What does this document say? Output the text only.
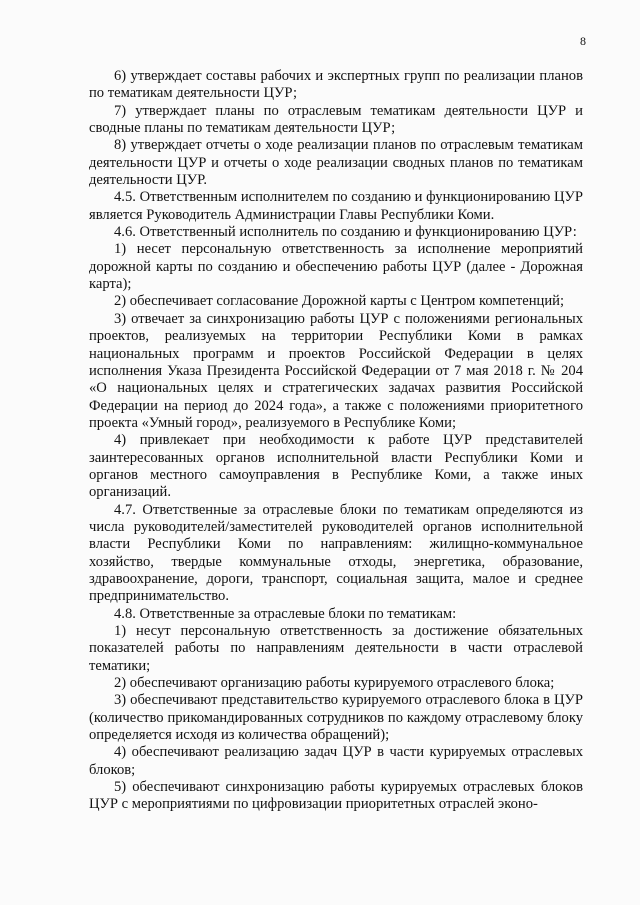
8

6) утверждает составы рабочих и экспертных групп по реализации планов по тематикам деятельности ЦУР;

7) утверждает планы по отраслевым тематикам деятельности ЦУР и сводные планы по тематикам деятельности ЦУР;

8) утверждает отчеты о ходе реализации планов по отраслевым тематикам деятельности ЦУР и отчеты о ходе реализации сводных планов по тематикам деятельности ЦУР.

4.5. Ответственным исполнителем по созданию и функционированию ЦУР является Руководитель Администрации Главы Республики Коми.

4.6. Ответственный исполнитель по созданию и функционированию ЦУР:

1) несет персональную ответственность за исполнение мероприятий дорожной карты по созданию и обеспечению работы ЦУР (далее - Дорожная карта);

2) обеспечивает согласование Дорожной карты с Центром компетенций;

3) отвечает за синхронизацию работы ЦУР с положениями региональных проектов, реализуемых на территории Республики Коми в рамках национальных программ и проектов Российской Федерации в целях исполнения Указа Президента Российской Федерации от 7 мая 2018 г. № 204 «О национальных целях и стратегических задачах развития Российской Федерации на период до 2024 года», а также с положениями приоритетного проекта «Умный город», реализуемого в Республике Коми;

4) привлекает при необходимости к работе ЦУР представителей заинтересованных органов исполнительной власти Республики Коми и органов местного самоуправления в Республике Коми, а также иных организаций.

4.7. Ответственные за отраслевые блоки по тематикам определяются из числа руководителей/заместителей руководителей органов исполнительной власти Республики Коми по направлениям: жилищно-коммунальное хозяйство, твердые коммунальные отходы, энергетика, образование, здравоохранение, дороги, транспорт, социальная защита, малое и среднее предпринимательство.

4.8. Ответственные за отраслевые блоки по тематикам:

1) несут персональную ответственность за достижение обязательных показателей работы по направлениям деятельности в части отраслевой тематики;

2) обеспечивают организацию работы курируемого отраслевого блока;

3) обеспечивают представительство курируемого отраслевого блока в ЦУР (количество прикомандированных сотрудников по каждому отраслевому блоку определяется исходя из количества обращений);

4) обеспечивают реализацию задач ЦУР в части курируемых отраслевых блоков;

5) обеспечивают синхронизацию работы курируемых отраслевых блоков ЦУР с мероприятиями по цифровизации приоритетных отраслей эконо-
